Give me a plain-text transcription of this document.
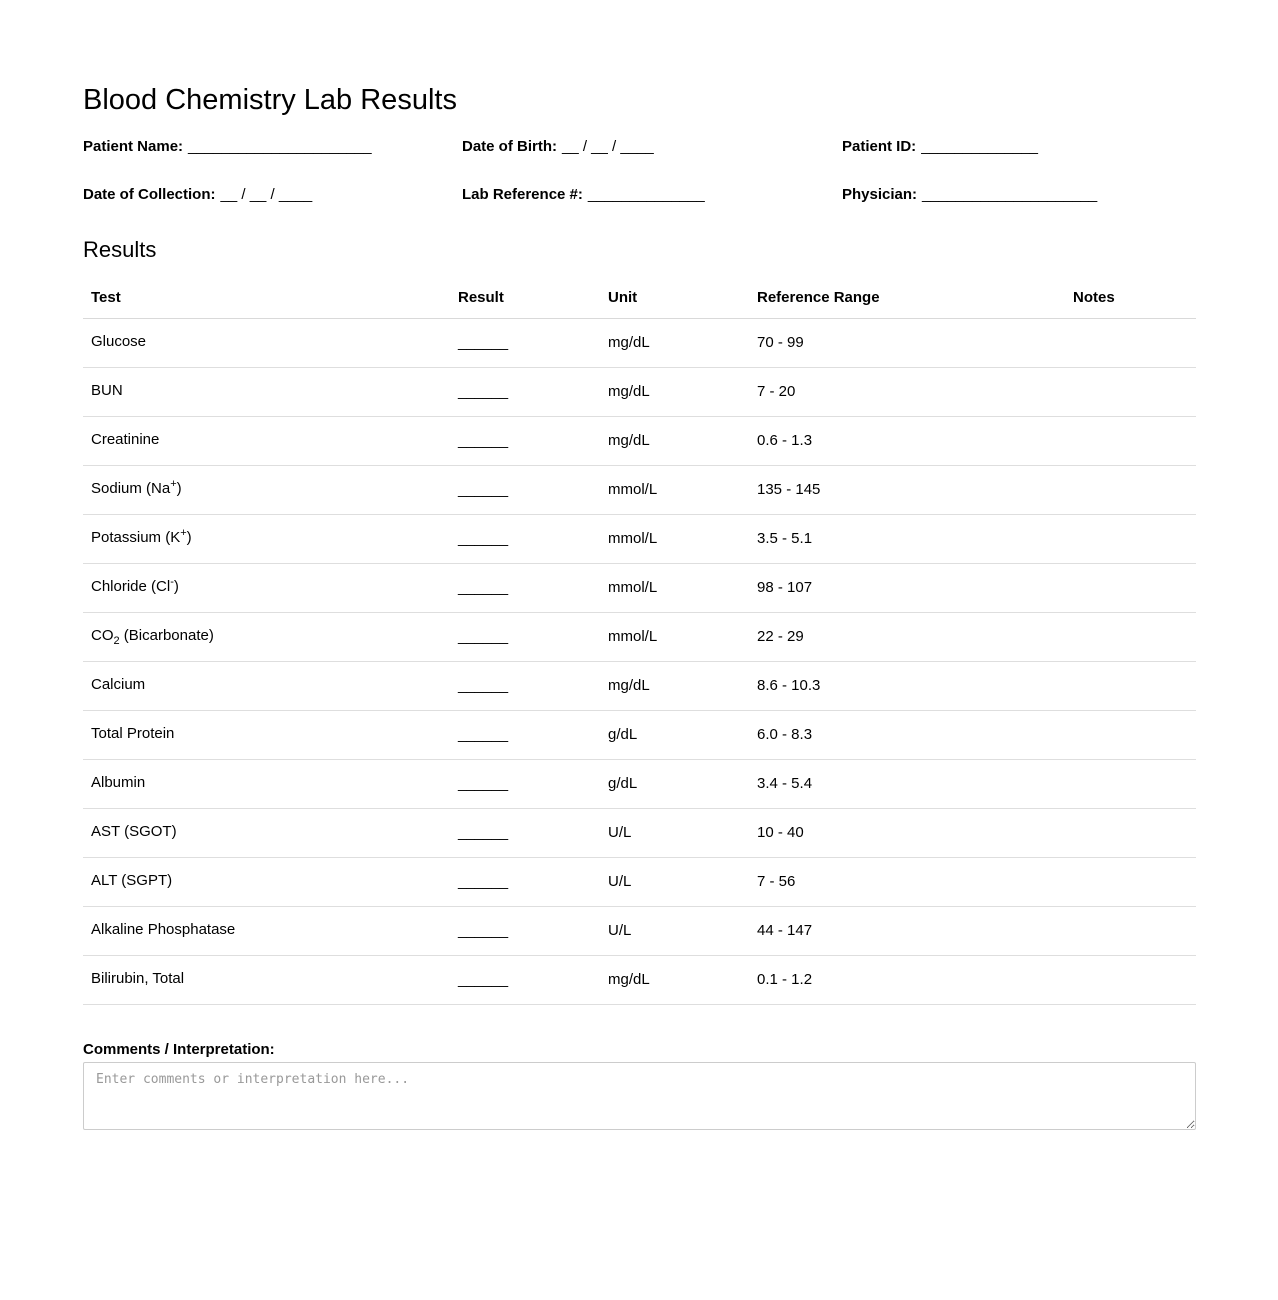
Blood Chemistry Lab Results
Patient Name: ______________________	Date of Birth: __ / __ / ____	Patient ID: ______________
Date of Collection: __ / __ / ____	Lab Reference #: ______________	Physician: _____________________
Results
Test	Result	Unit	Reference Range	Notes
Glucose	______	mg/dL	70 - 99	
BUN	______	mg/dL	7 - 20	
Creatinine	______	mg/dL	0.6 - 1.3	
Sodium (Na+)	______	mmol/L	135 - 145	
Potassium (K+)	______	mmol/L	3.5 - 5.1	
Chloride (Cl-)	______	mmol/L	98 - 107	
$CO_2$ (Bicarbonate)	______	mmol/L	22 - 29	
Calcium	______	mg/dL	8.6 - 10.3	
Total Protein	______	g/dL	6.0 - 8.3	
Albumin	______	g/dL	3.4 - 5.4	
AST (SGOT)	______	U/L	10 - 40	
ALT (SGPT)	______	U/L	7 - 56	
Alkaline Phosphatase	______	U/L	44 - 147	
Bilirubin, Total	______	mg/dL	0.1 - 1.2	
Comments / Interpretation:
Enter comments or interpretation here...
